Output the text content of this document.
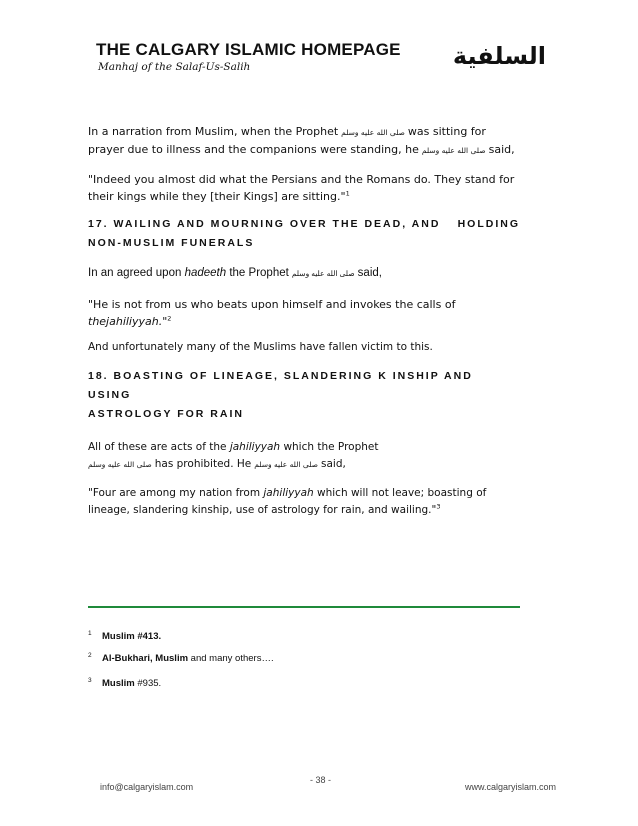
THE CALGARY ISLAMIC HOMEPAGE
Manhaj of the Salaf-Us-Salih	السلفية

In a narration from Muslim, when the Prophet صلى الله عليه وسلم was sitting for prayer due to illness and the companions were standing, he صلى الله عليه وسلم said,

"Indeed you almost did what the Persians and the Romans do. They stand for their kings while they [their Kings] are sitting."$^1$

17. WAILING AND MOURNING OVER THE DEAD, AND HOLDING

NON-MUSLIM FUNERALS

In an agreed upon hadeeth the Prophet صلى الله عليه وسلم said,

"He is not from us who beats upon himself and invokes the calls of
thejahiliyyah."$^2$

And unfortunately many of the Muslims have fallen victim to this.

18. BOASTING OF LINEAGE, SLANDERING K INSHIP AND USING
ASTROLOGY FOR RAIN

All of these are acts of the jahiliyyah which the Prophet
صلى الله عليه وسلم has prohibited. He صلى الله عليه وسلم said,

"Four are among my nation from jahiliyyah which will not leave; boasting of lineage, slandering kinship, use of astrology for rain, and wailing."$^3$

1 Muslim #413.
2 Al-Bukhari, Muslim and many others….
3 Muslim #935.
info@calgaryislam.com
- 38 -
www.calgaryislam.com
